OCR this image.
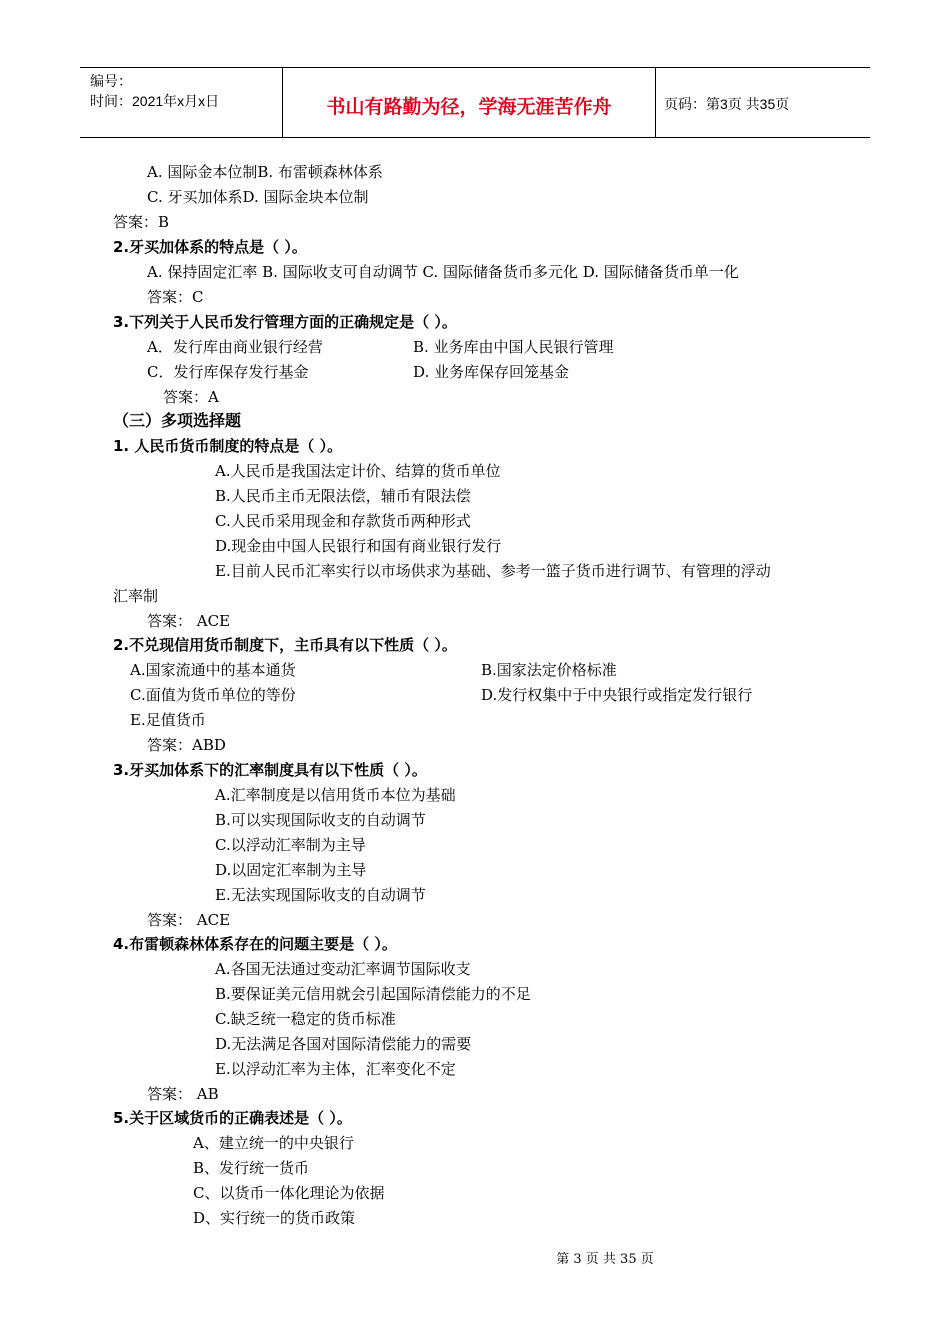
编号：
时间：2021年x月x日	书山有路勤为径，学海无涯苦作舟	页码：第3页 共35页
A. 国际金本位制B. 布雷顿森林体系
C. 牙买加体系D. 国际金块本位制
答案：B
2.牙买加体系的特点是（ ）。
A. 保持固定汇率 B. 国际收支可自动调节 C. 国际储备货币多元化 D. 国际储备货币单一化
答案：C
3.下列关于人民币发行管理方面的正确规定是（ ）。
A．发行库由商业银行经营	B. 业务库由中国人民银行管理
C．发行库保存发行基金	D. 业务库保存回笼基金
答案：A
（三）多项选择题
1. 人民币货币制度的特点是（ ）。
A.人民币是我国法定计价、结算的货币单位
B.人民币主币无限法偿，辅币有限法偿
C.人民币采用现金和存款货币两种形式
D.现金由中国人民银行和国有商业银行发行
E.目前人民币汇率实行以市场供求为基础、参考一篮子货币进行调节、有管理的浮动
汇率制
答案： ACE
2.不兑现信用货币制度下，主币具有以下性质（ ）。
A.国家流通中的基本通货	B.国家法定价格标准
C.面值为货币单位的等份	D.发行权集中于中央银行或指定发行银行
E.足值货币
答案：ABD
3.牙买加体系下的汇率制度具有以下性质（ ）。
A.汇率制度是以信用货币本位为基础
B.可以实现国际收支的自动调节
C.以浮动汇率制为主导
D.以固定汇率制为主导
E.无法实现国际收支的自动调节
答案： ACE
4.布雷顿森林体系存在的问题主要是（ ）。
A.各国无法通过变动汇率调节国际收支
B.要保证美元信用就会引起国际清偿能力的不足
C.缺乏统一稳定的货币标准
D.无法满足各国对国际清偿能力的需要
E.以浮动汇率为主体，汇率变化不定
答案： AB
5.关于区域货币的正确表述是（ ）。
A、建立统一的中央银行
B、发行统一货币
C、以货币一体化理论为依据
D、实行统一的货币政策
第 3 页 共 35 页
